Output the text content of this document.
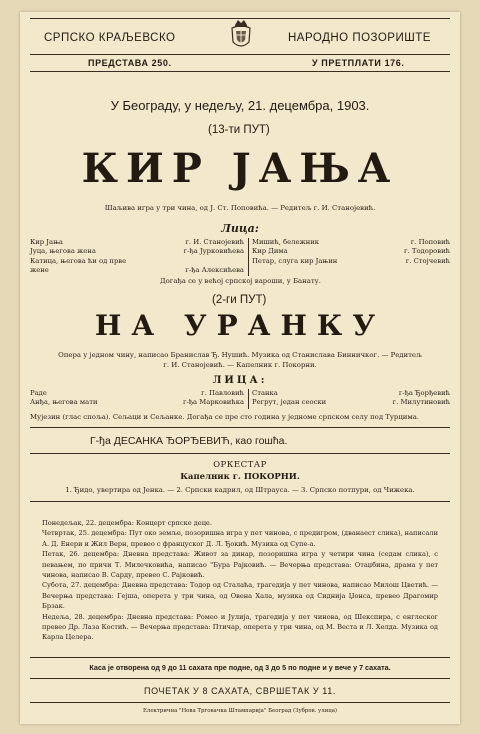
СРПСКО КРАЉЕВСКО	НАРОДНО ПОЗОРИШТЕ
ПРЕДСТАВА 250.	У ПРЕТПЛАТИ 176.
У Београду, у недељу, 21. децембра, 1903.
(13-ти ПУТ)
КИР ЈАЊА
Шаљива игра у три чина, од Ј. Ст. Поповића. — Редитељ г. И. Станојевић.
Лица:
Кир Јања	г. И. Станојевић
Јуца, његова жена	г-ђа Јурковићева
Катица, његова ћи од прве
жене	г-ђа Алексићева
Мишић, бележник	г. Поповић
Кир Дима	г. Тодоровић
Петар, слуга кир Јањин	г. Стојчевић
Догађа се у већој српској вароши, у Банату.
(2-ги ПУТ)
НА УРАНКУ
Опера у једном чину, написао Бранислав Ђ. Нушић. Музика од Станислава Бинничког. — Редитељ
г. И. Станојевић. — Капелник г. Покорни.
ЛИЦА:
Раде	г. Павловић
Анђа, његова мати	г-ђа Марковићка
Станка	г-ђа Ђорђевић
Регрут, један сеоски	г. Милутиновић
Мујезин (глас споља). Сељаци и Сељанке. Догађа се пре сто година у једноме српском селу под Турцима.
Г-ђа ДЕСАНКА ЂОРЂЕВИЋ, као гошћа.
ОРКЕСТАР
Капелник г. ПОКОРНИ.
1. Ђидо, увертира од Јенка. — 2. Српски кадрил, од Штрауса. — 3. Српско потпури, од Чижека.
Понедељак, 22. децембра: Концерт српске деце.
Четвртак, 25. децембра: Пут око земље, позоришна игра у пет чинова, с предигром, (дванаест слика), написали А. Д. Енери и Жил Верн, превео с француског Д. Л. Ђокић. Музика од Супе-а.
Петак, 26. децембра: Дневна представа: Живот за динар, позоришна игра у четири чина (седам слика), с певањем, по причи Т. Милечковића, написао "Бура Рајковић. — Вечерња представа: Отаџбина, драма у пет чинова, написао В. Сарду, превео С. Рајковић.
Субота, 27. децембра: Дневна представа: Тодор од Сталаћа, трагедија у пет чинова, написао Милош Цветић. — Вечерња представа: Гејша, оперета у три чина, од Овена Хала, музика од Сиднија Џонса, превео Драгомир Брзак.
Недеља, 28. децембра: Дневна представа: Ромео и Јулија, трагедија у пет чинова, од Шекспира, с енглеског превео Др. Лаза Костић. — Вечерња представа: Птичар, оперета у три чина, од М. Веста и Л. Хелда. Музика од Карла Целера.
Каса је отворена од 9 до 11 сахата пре подне, од 3 до 5 по подне и у вече у 7 сахата.
ПОЧЕТАК У 8 САХАТА, СВРШЕТАК У 11.
Електрична "Нова Трговачка Штампарија" Београд (Зубров. улица)
